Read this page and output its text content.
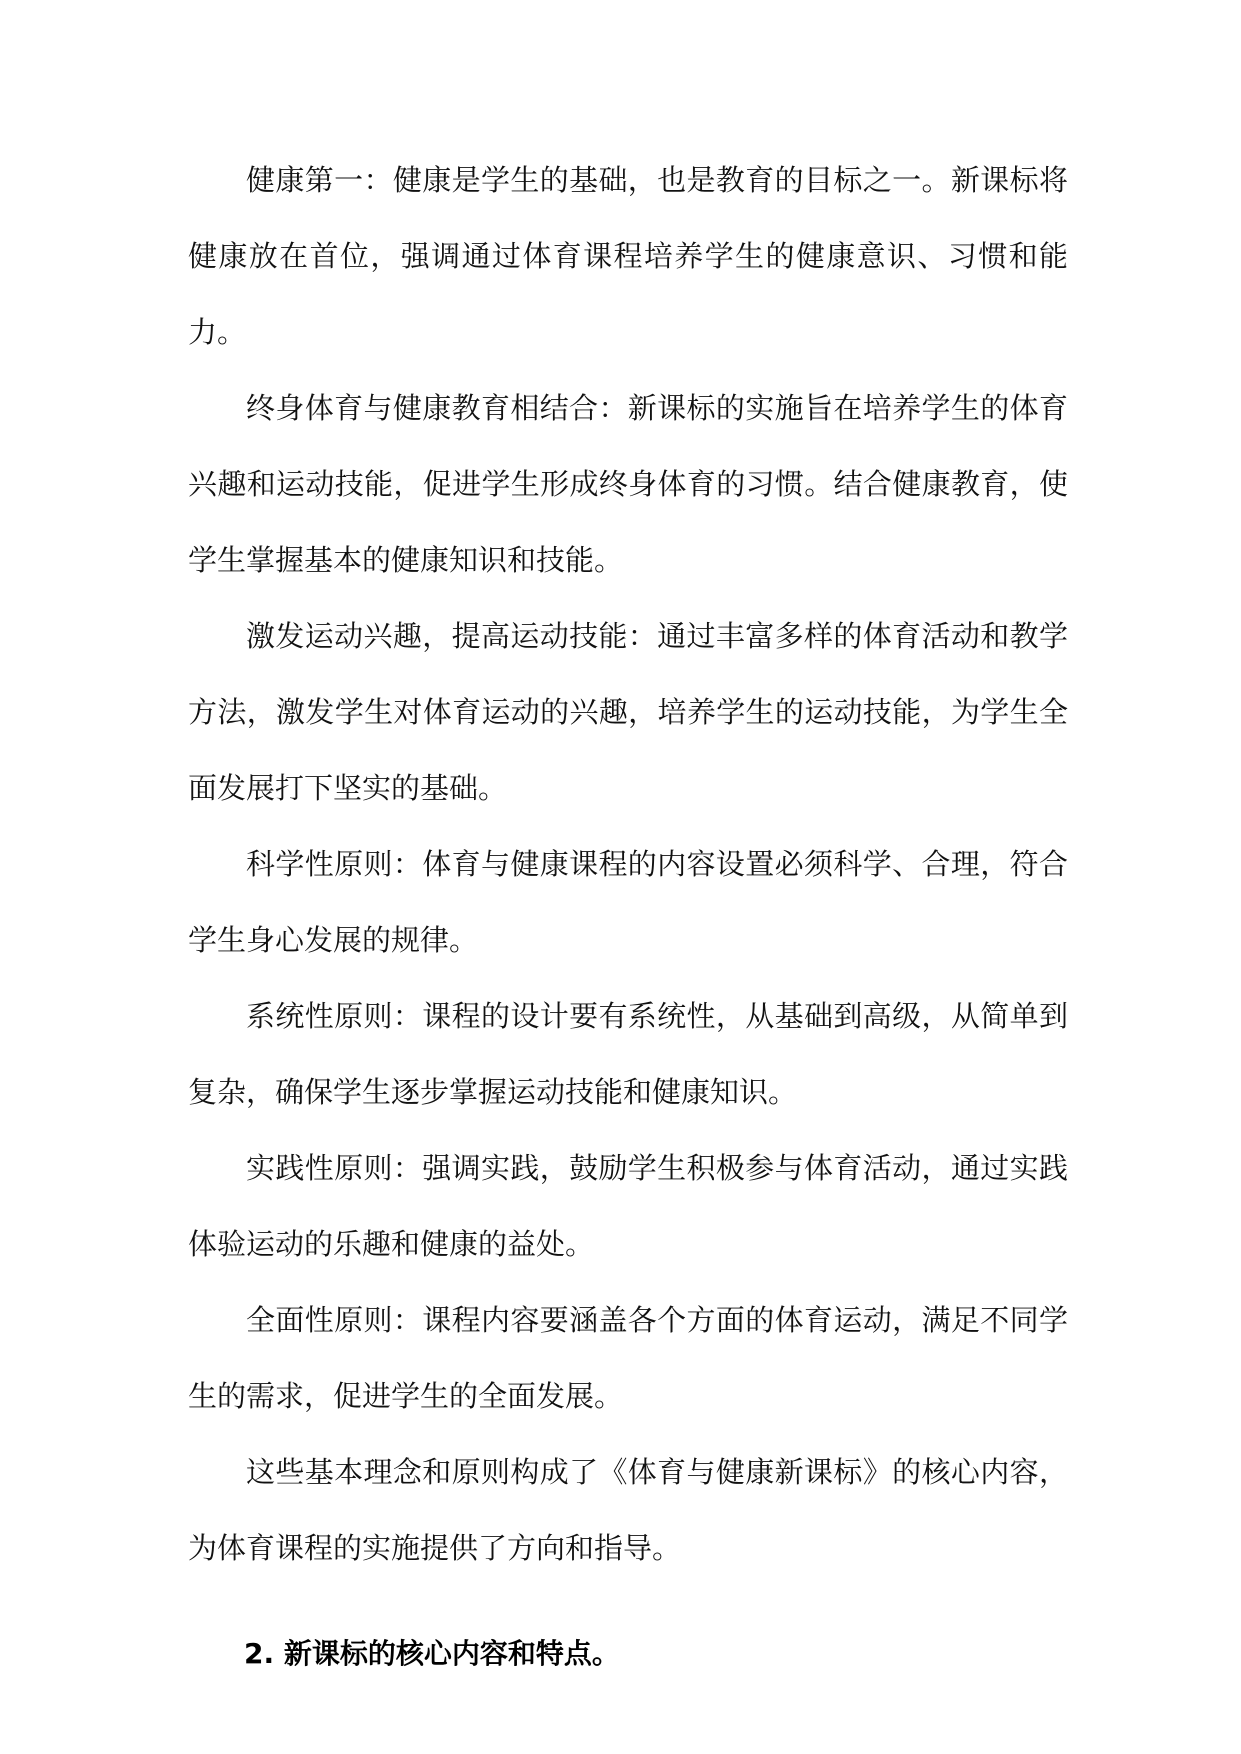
健康第一：健康是学生的基础，也是教育的目标之一。新课标将健康放在首位，强调通过体育课程培养学生的健康意识、习惯和能力。

终身体育与健康教育相结合：新课标的实施旨在培养学生的体育兴趣和运动技能，促进学生形成终身体育的习惯。结合健康教育，使学生掌握基本的健康知识和技能。

激发运动兴趣，提高运动技能：通过丰富多样的体育活动和教学方法，激发学生对体育运动的兴趣，培养学生的运动技能，为学生全面发展打下坚实的基础。

科学性原则：体育与健康课程的内容设置必须科学、合理，符合学生身心发展的规律。

系统性原则：课程的设计要有系统性，从基础到高级，从简单到复杂，确保学生逐步掌握运动技能和健康知识。

实践性原则：强调实践，鼓励学生积极参与体育活动，通过实践体验运动的乐趣和健康的益处。

全面性原则：课程内容要涵盖各个方面的体育运动，满足不同学生的需求，促进学生的全面发展。

这些基本理念和原则构成了《体育与健康新课标》的核心内容，为体育课程的实施提供了方向和指导。

2. 新课标的核心内容和特点。
